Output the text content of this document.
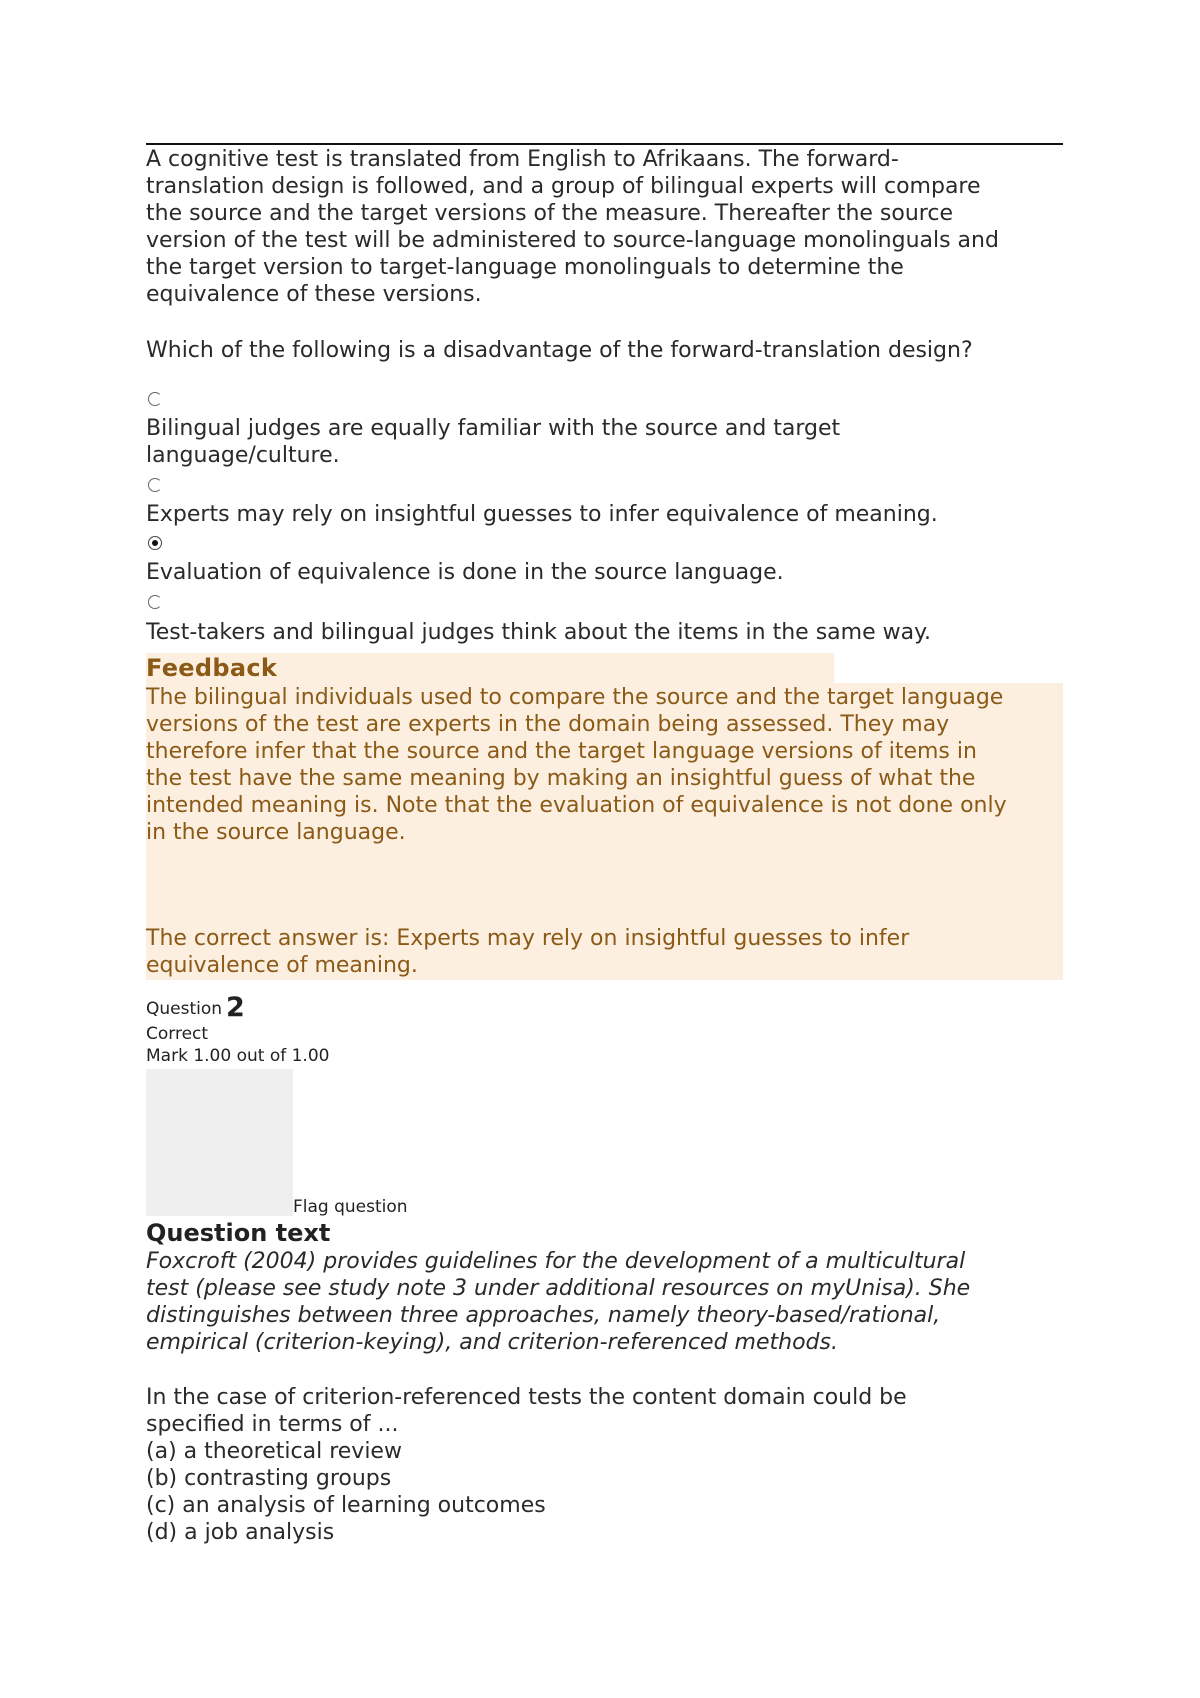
A cognitive test is translated from English to Afrikaans. The forward-
translation design is followed, and a group of bilingual experts will compare
the source and the target versions of the measure. Thereafter the source
version of the test will be administered to source-language monolinguals and
the target version to target-language monolinguals to determine the
equivalence of these versions.
Which of the following is a disadvantage of the forward-translation design?
Bilingual judges are equally familiar with the source and target
language/culture.
Experts may rely on insightful guesses to infer equivalence of meaning.
Evaluation of equivalence is done in the source language.
Test-takers and bilingual judges think about the items in the same way.
Feedback
The bilingual individuals used to compare the source and the target language
versions of the test are experts in the domain being assessed. They may
therefore infer that the source and the target language versions of items in
the test have the same meaning by making an insightful guess of what the
intended meaning is. Note that the evaluation of equivalence is not done only
in the source language.
The correct answer is: Experts may rely on insightful guesses to infer
equivalence of meaning.
Question 2
Correct
Mark 1.00 out of 1.00
Flag question
Question text
Foxcroft (2004) provides guidelines for the development of a multicultural
test (please see study note 3 under additional resources on myUnisa). She
distinguishes between three approaches, namely theory-based/rational,
empirical (criterion-keying), and criterion-referenced methods.
In the case of criterion-referenced tests the content domain could be
specified in terms of ...
(a) a theoretical review
(b) contrasting groups
(c) an analysis of learning outcomes
(d) a job analysis
